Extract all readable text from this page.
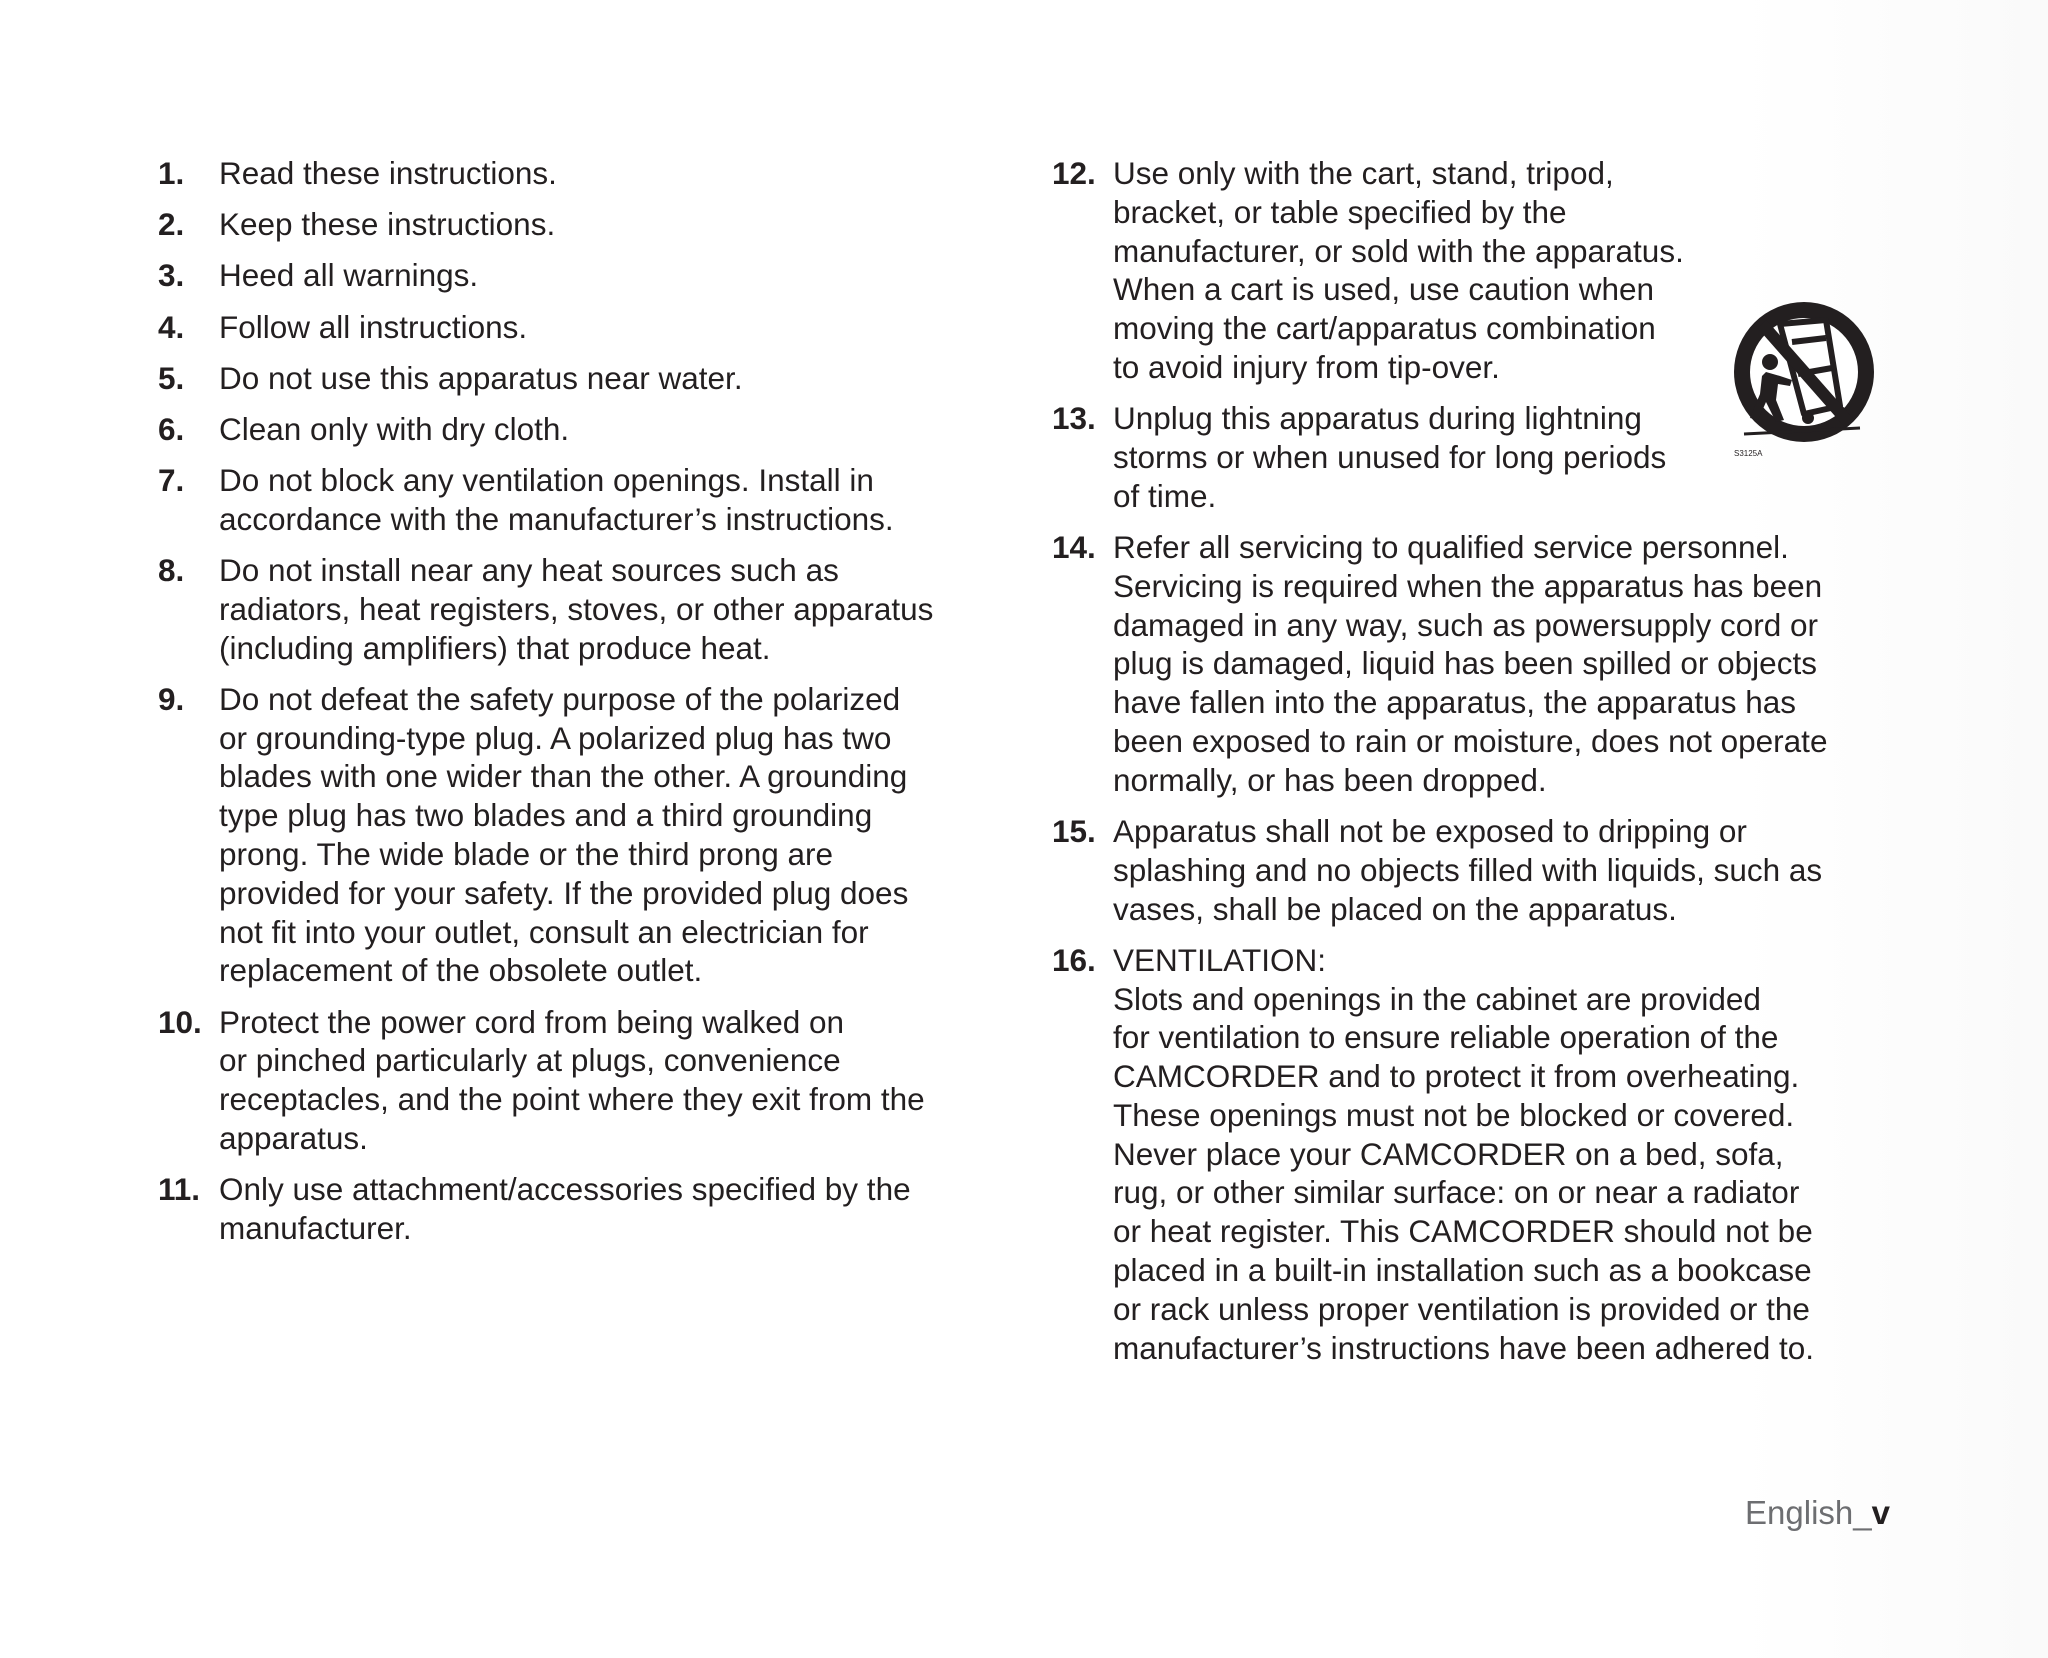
1. Read these instructions.
2. Keep these instructions.
3. Heed all warnings.
4. Follow all instructions.
5. Do not use this apparatus near water.
6. Clean only with dry cloth.
7. Do not block any ventilation openings. Install in
accordance with the manufacturer’s instructions.
8. Do not install near any heat sources such as
radiators, heat registers, stoves, or other apparatus
(including amplifiers) that produce heat.
9. Do not defeat the safety purpose of the polarized
or grounding-type plug. A polarized plug has two
blades with one wider than the other. A grounding
type plug has two blades and a third grounding
prong. The wide blade or the third prong are
provided for your safety. If the provided plug does
not fit into your outlet, consult an electrician for
replacement of the obsolete outlet.
10. Protect the power cord from being walked on
or pinched particularly at plugs, convenience
receptacles, and the point where they exit from the
apparatus.
11. Only use attachment/accessories specified by the
manufacturer.
12. Use only with the cart, stand, tripod,
bracket, or table specified by the
manufacturer, or sold with the apparatus.
When a cart is used, use caution when
moving the cart/apparatus combination
to avoid injury from tip-over.
13. Unplug this apparatus during lightning
storms or when unused for long periods
of time.
14. Refer all servicing to qualified service personnel.
Servicing is required when the apparatus has been
damaged in any way, such as powersupply cord or
plug is damaged, liquid has been spilled or objects
have fallen into the apparatus, the apparatus has
been exposed to rain or moisture, does not operate
normally, or has been dropped.
15. Apparatus shall not be exposed to dripping or
splashing and no objects filled with liquids, such as
vases, shall be placed on the apparatus.
16. VENTILATION:
Slots and openings in the cabinet are provided
for ventilation to ensure reliable operation of the
CAMCORDER and to protect it from overheating.
These openings must not be blocked or covered.
Never place your CAMCORDER on a bed, sofa,
rug, or other similar surface: on or near a radiator
or heat register. This CAMCORDER should not be
placed in a built-in installation such as a bookcase
or rack unless proper ventilation is provided or the
manufacturer’s instructions have been adhered to.
S3125A
English_v
